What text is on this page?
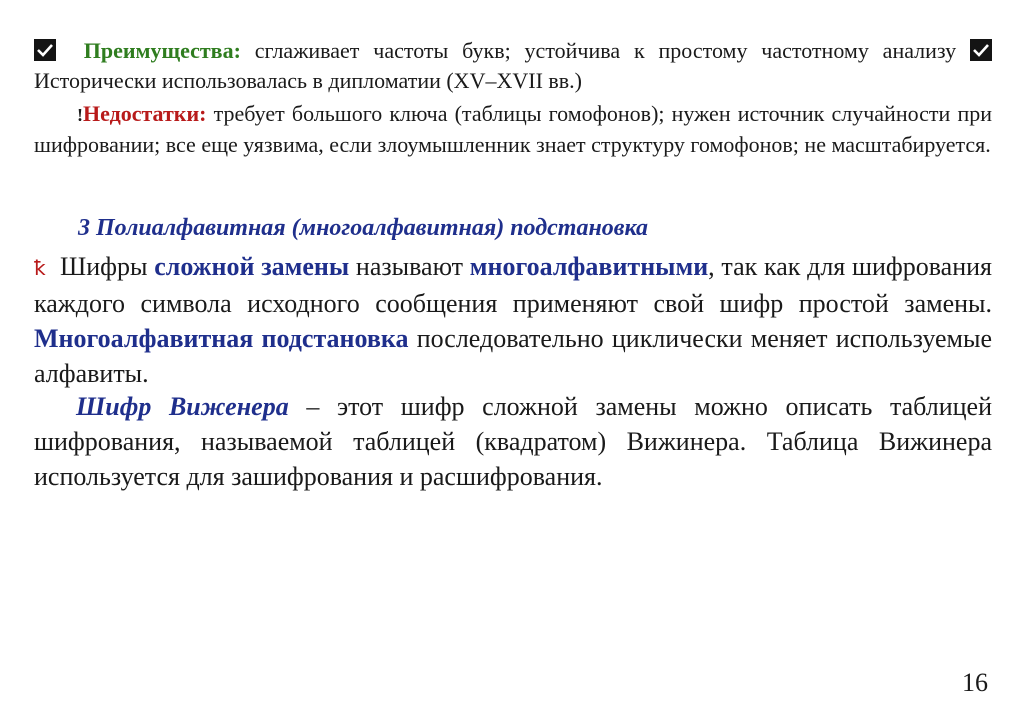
Преимущества: сглаживает частоты букв; устойчива к простому частотному анализу
Исторически использовалась в дипломатии (XV–XVII вв.)
!Недостатки: требует большого ключа (таблицы гомофонов); нужен источник случайности при шифровании; все еще уязвима, если злоумышленник знает структуру гомофонов; не масштабируется.
3 Полиалфавитная (многоалфавитная) подстановка
ꝁ Шифры сложной замены называют многоалфавитными, так как для шифрования каждого символа исходного сообщения применяют свой шифр простой замены. Многоалфавитная подстановка последовательно циклически меняет используемые алфавиты.
Шифр Виженера – этот шифр сложной замены можно описать таблицей шифрования, называемой таблицей (квадратом) Вижинера. Таблица Вижинера используется для зашифрования и расшифрования.
16
